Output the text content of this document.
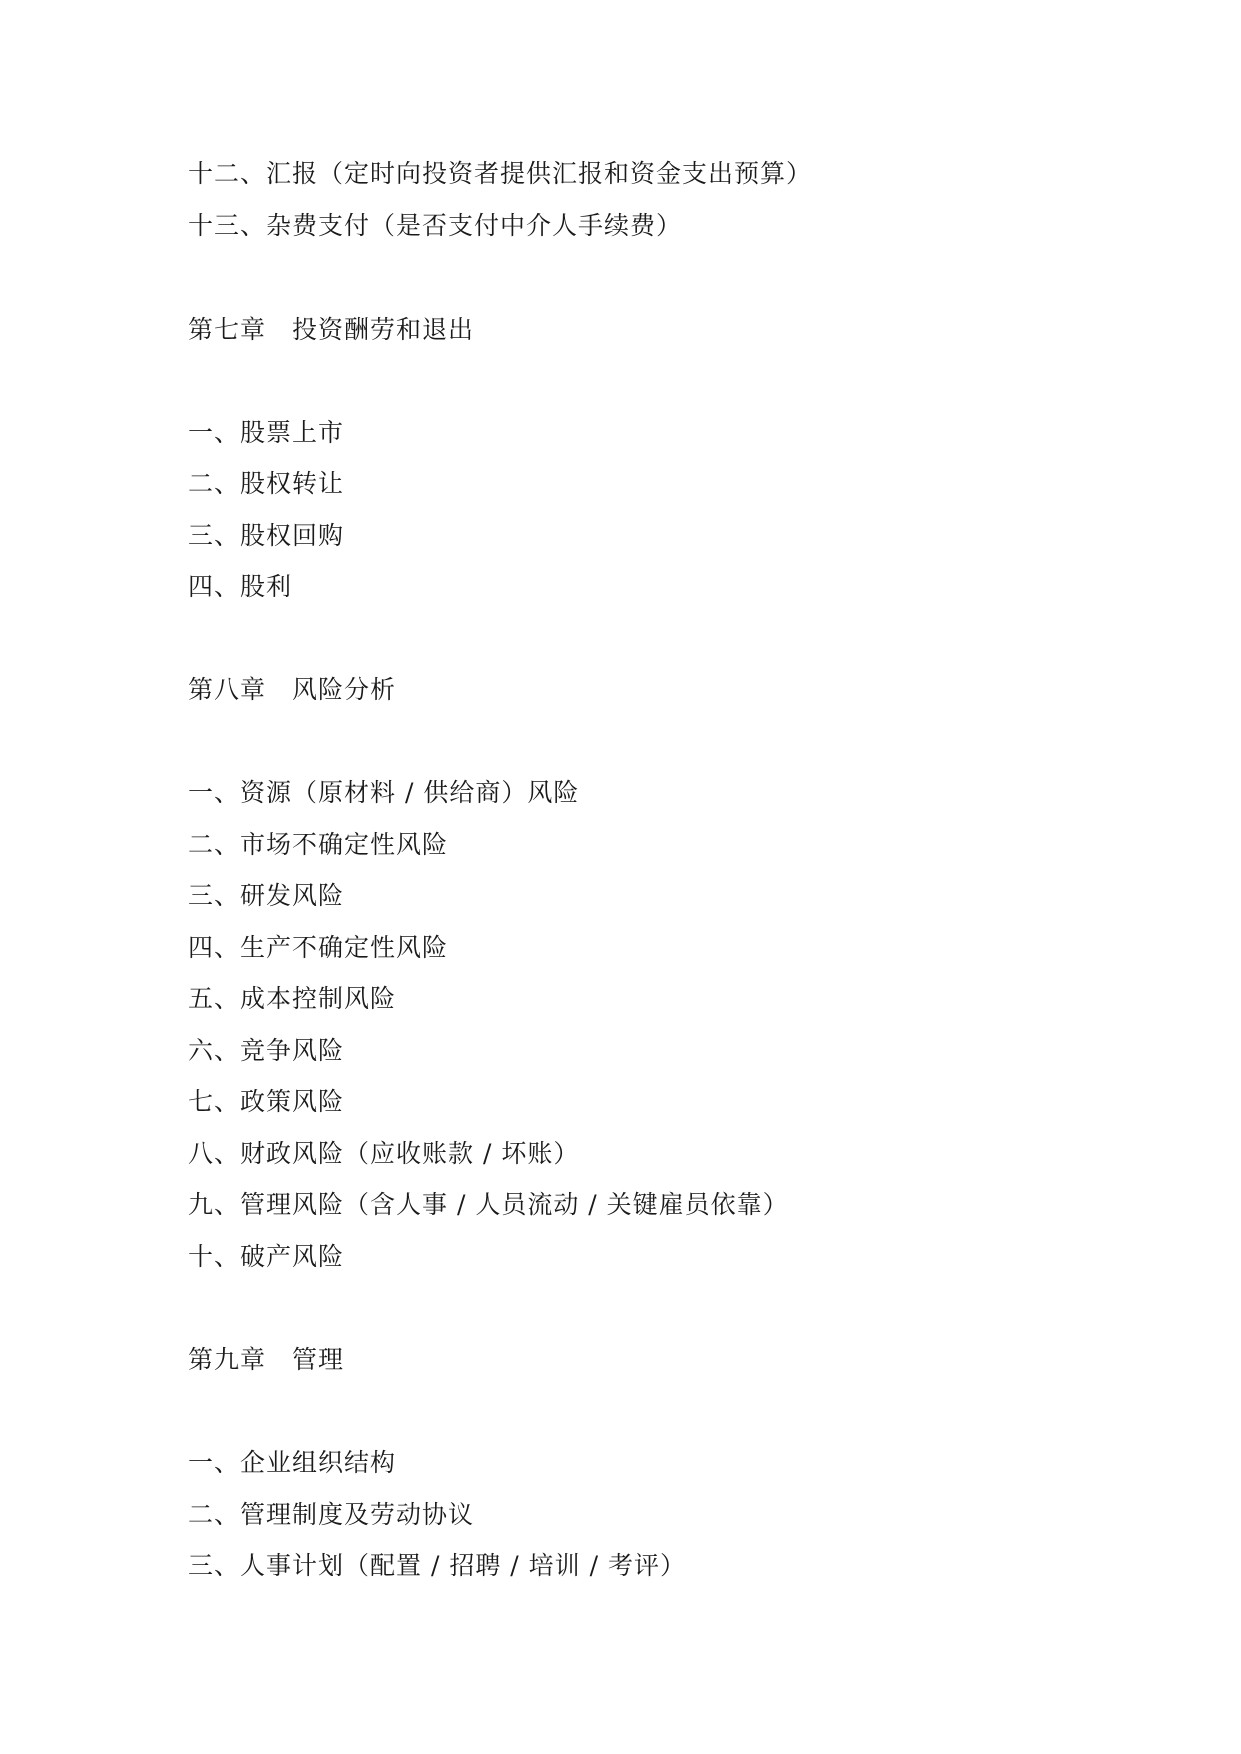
十二、汇报（定时向投资者提供汇报和资金支出预算）
十三、杂费支付（是否支付中介人手续费）
第七章　投资酬劳和退出
一、股票上市
二、股权转让
三、股权回购
四、股利
第八章　风险分析
一、资源（原材料 / 供给商）风险
二、市场不确定性风险
三、研发风险
四、生产不确定性风险
五、成本控制风险
六、竞争风险
七、政策风险
八、财政风险（应收账款 / 坏账）
九、管理风险（含人事 / 人员流动 / 关键雇员依靠）
十、破产风险
第九章　管理
一、企业组织结构
二、管理制度及劳动协议
三、人事计划（配置 / 招聘 / 培训 / 考评）
